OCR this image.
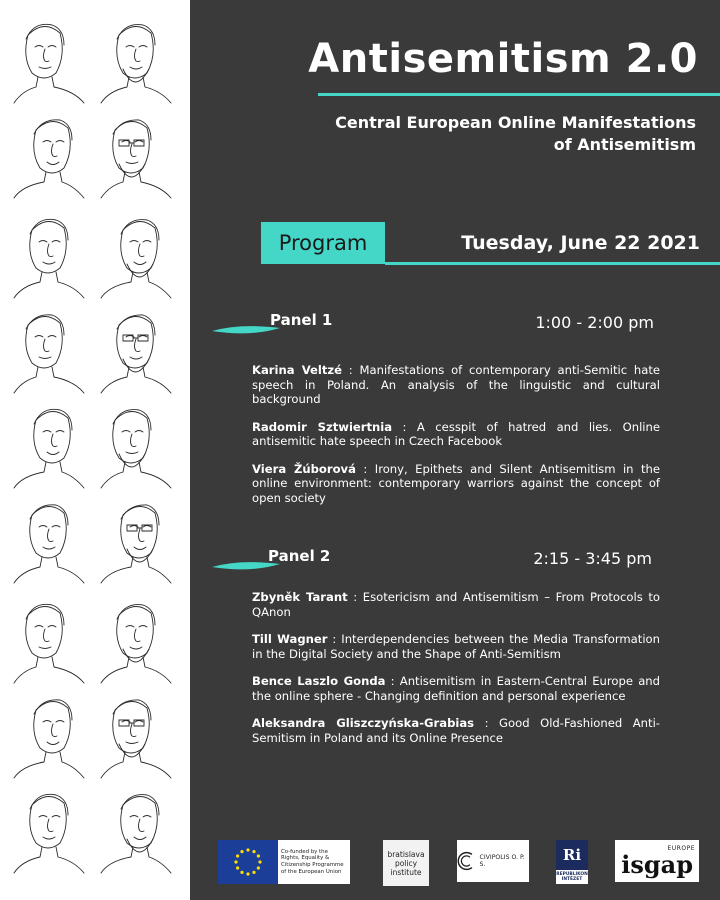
Antisemitism 2.0
Central European Online Manifestations of Antisemitism
Program	Tuesday, June 22 2021
Panel 1	1:00 - 2:00 pm

Karina Veltzé : Manifestations of contemporary anti-Semitic hate speech in Poland. An analysis of the linguistic and cultural background

Radomir Sztwiertnia : A cesspit of hatred and lies. Online antisemitic hate speech in Czech Facebook

Viera Žúborová : Irony, Epithets and Silent Antisemitism in the online environment: contemporary warriors against the concept of open society

Panel 2	2:15 - 3:45 pm

Zbyněk Tarant : Esotericism and Antisemitism – From Protocols to QAnon

Till Wagner : Interdependencies between the Media Transformation in the Digital Society and the Shape of Anti-Semitism

Bence Laszlo Gonda : Antisemitism in Eastern-Central Europe and the online sphere - Changing definition and personal experience

Aleksandra Gliszczyńska-Grabias : Good Old-Fashioned Anti-Semitism in Poland and its Online Presence

Co-funded by the Rights, Equality & Citizenship Programme of the European Union
bratislava
policy
institute
CIVIPOLIS O. P. S.
Ri
REPUBLIKON INTÉZET
EUROPE
isgap
